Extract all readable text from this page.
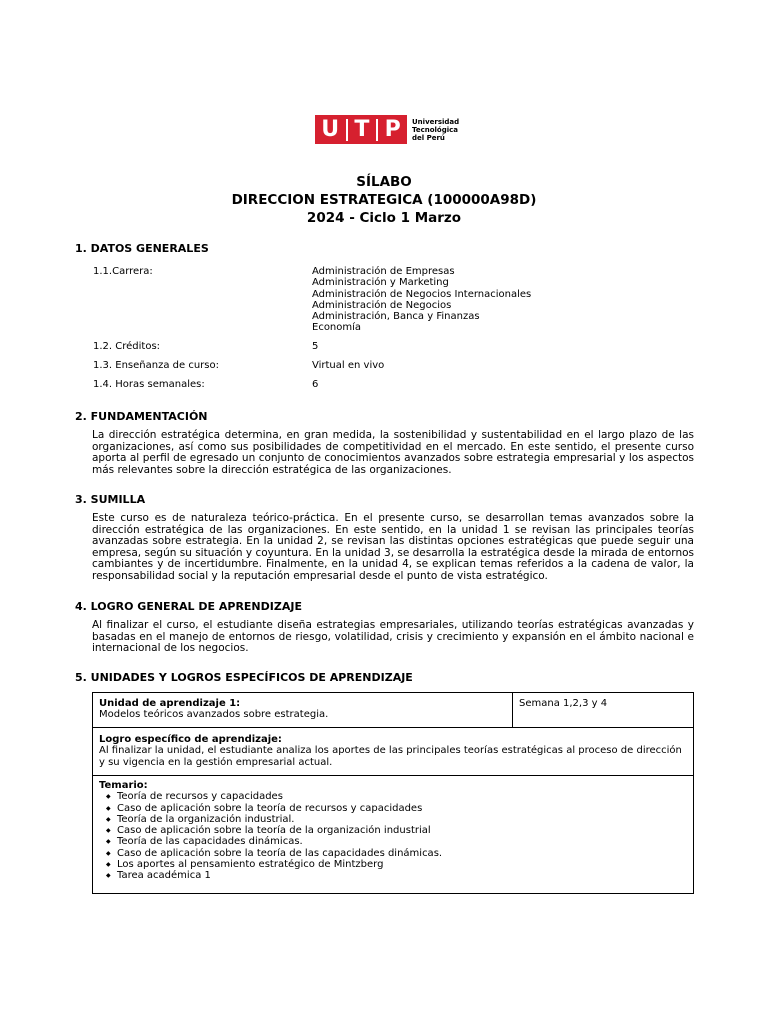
U T P Universidad
Tecnológica
del Perú
SÍLABO
DIRECCION ESTRATEGICA (100000A98D)
2024 - Ciclo 1 Marzo
1. DATOS GENERALES
1.1.Carrera:	Administración de Empresas
Administración y Marketing
Administración de Negocios Internacionales
Administración de Negocios
Administración, Banca y Finanzas
Economía
1.2. Créditos:	5
1.3. Enseñanza de curso:	Virtual en vivo
1.4. Horas semanales:	6
2. FUNDAMENTACIÓN
La dirección estratégica determina, en gran medida, la sostenibilidad y sustentabilidad en el largo plazo de las organizaciones, así como sus posibilidades de competitividad en el mercado. En este sentido, el presente curso aporta al perfil de egresado un conjunto de conocimientos avanzados sobre estrategia empresarial y los aspectos más relevantes sobre la dirección estratégica de las organizaciones.
3. SUMILLA
Este curso es de naturaleza teórico-práctica. En el presente curso, se desarrollan temas avanzados sobre la dirección estratégica de las organizaciones. En este sentido, en la unidad 1 se revisan las principales teorías avanzadas sobre estrategia. En la unidad 2, se revisan las distintas opciones estratégicas que puede seguir una empresa, según su situación y coyuntura. En la unidad 3, se desarrolla la estratégica desde la mirada de entornos cambiantes y de incertidumbre. Finalmente, en la unidad 4, se explican temas referidos a la cadena de valor, la responsabilidad social y la reputación empresarial desde el punto de vista estratégico.
4. LOGRO GENERAL DE APRENDIZAJE
Al finalizar el curso, el estudiante diseña estrategias empresariales, utilizando teorías estratégicas avanzadas y basadas en el manejo de entornos de riesgo, volatilidad, crisis y crecimiento y expansión en el ámbito nacional e internacional de los negocios.
5. UNIDADES Y LOGROS ESPECÍFICOS DE APRENDIZAJE
Unidad de aprendizaje 1:
Modelos teóricos avanzados sobre estrategia.
Semana 1,2,3 y 4
Logro específico de aprendizaje:
Al finalizar la unidad, el estudiante analiza los aportes de las principales teorías estratégicas al proceso de dirección y su vigencia en la gestión empresarial actual.
Temario:
◆ Teoría de recursos y capacidades
◆ Caso de aplicación sobre la teoría de recursos y capacidades
◆ Teoría de la organización industrial.
◆ Caso de aplicación sobre la teoría de la organización industrial
◆ Teoría de las capacidades dinámicas.
◆ Caso de aplicación sobre la teoría de las capacidades dinámicas.
◆ Los aportes al pensamiento estratégico de Mintzberg
◆ Tarea académica 1
